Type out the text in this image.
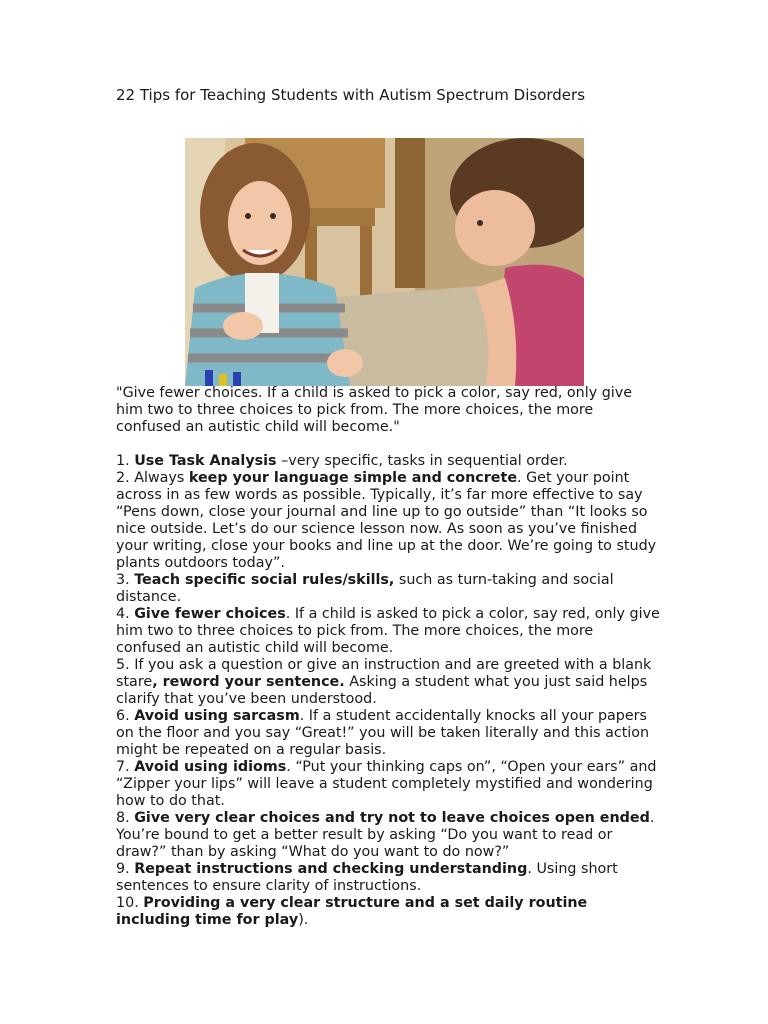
22 Tips for Teaching Students with Autism Spectrum Disorders

"Give fewer choices. If a child is asked to pick a color, say red, only give him two to three choices to pick from. The more choices, the more confused an autistic child will become."

1. Use Task Analysis –very specific, tasks in sequential order.

2. Always keep your language simple and concrete. Get your point across in as few words as possible. Typically, it’s far more effective to say “Pens down, close your journal and line up to go outside” than “It looks so nice outside. Let’s do our science lesson now. As soon as you’ve finished your writing, close your books and line up at the door. We’re going to study plants outdoors today”.

3. Teach specific social rules/skills, such as turn-taking and social distance.

4. Give fewer choices. If a child is asked to pick a color, say red, only give him two to three choices to pick from. The more choices, the more confused an autistic child will become.

5. If you ask a question or give an instruction and are greeted with a blank stare, reword your sentence. Asking a student what you just said helps clarify that you’ve been understood.

6. Avoid using sarcasm. If a student accidentally knocks all your papers on the floor and you say “Great!” you will be taken literally and this action might be repeated on a regular basis.

7. Avoid using idioms. “Put your thinking caps on”, “Open your ears” and “Zipper your lips” will leave a student completely mystified and wondering how to do that.

8. Give very clear choices and try not to leave choices open ended. You’re bound to get a better result by asking “Do you want to read or draw?” than by asking “What do you want to do now?”

9. Repeat instructions and checking understanding. Using short sentences to ensure clarity of instructions.

10. Providing a very clear structure and a set daily routine including time for play).
